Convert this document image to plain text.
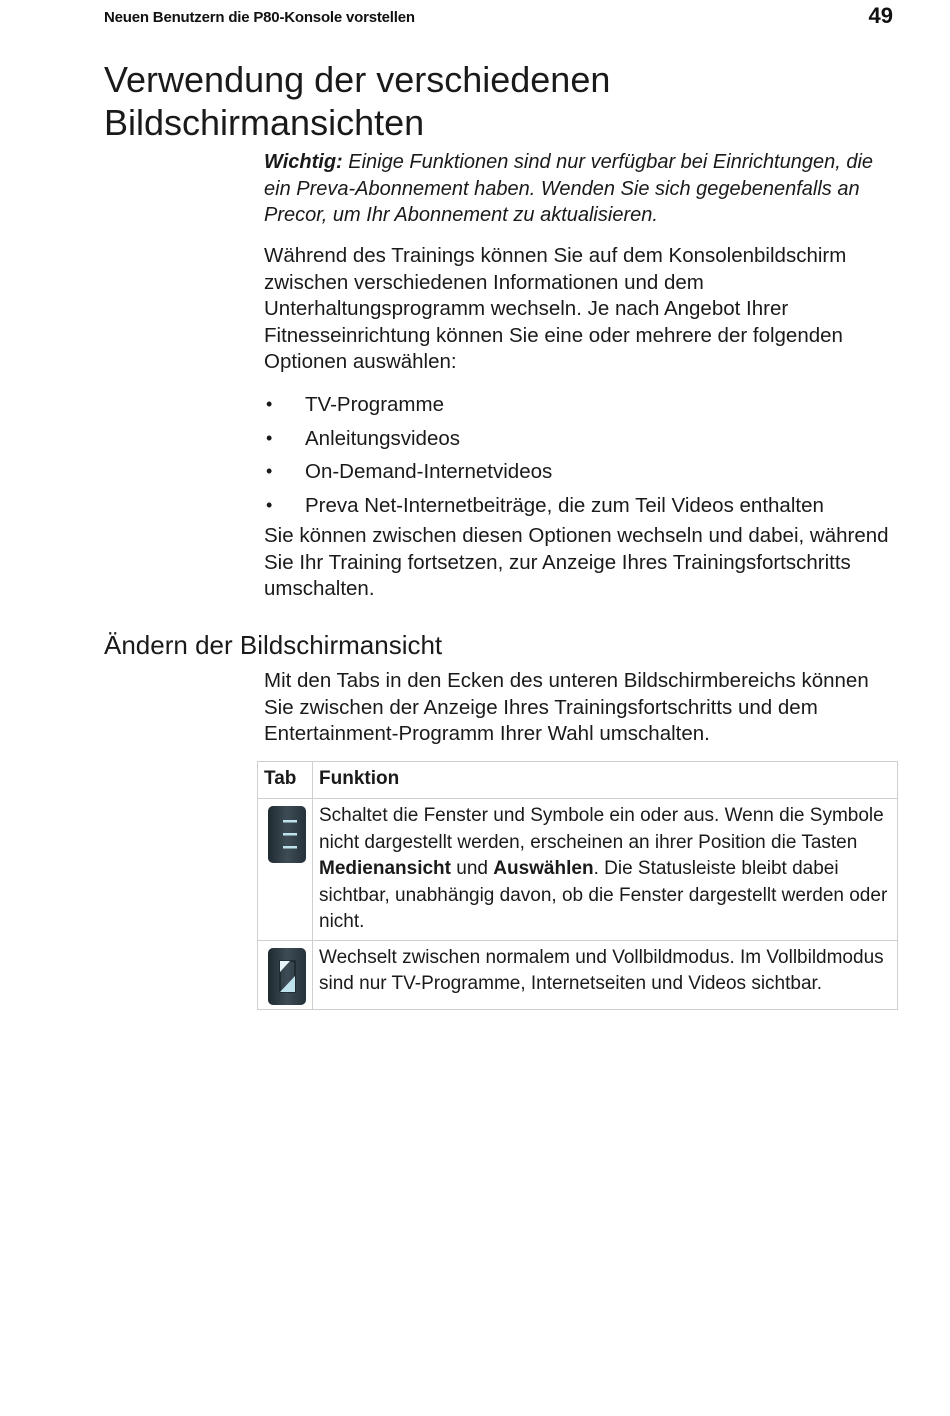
Neuen Benutzern die P80-Konsole vorstellen	49
Verwendung der verschiedenen Bildschirmansichten
Wichtig: Einige Funktionen sind nur verfügbar bei Einrichtungen, die ein Preva-Abonnement haben. Wenden Sie sich gegebenenfalls an Precor, um Ihr Abonnement zu aktualisieren.

Während des Trainings können Sie auf dem Konsolenbildschirm zwischen verschiedenen Informationen und dem Unterhaltungsprogramm wechseln. Je nach Angebot Ihrer Fitnesseinrichtung können Sie eine oder mehrere der folgenden Optionen auswählen:

• TV-Programme
• Anleitungsvideos
• On-Demand-Internetvideos
• Preva Net-Internetbeiträge, die zum Teil Videos enthalten

Sie können zwischen diesen Optionen wechseln und dabei, während Sie Ihr Training fortsetzen, zur Anzeige Ihres Trainingsfortschritts umschalten.

Ändern der Bildschirmansicht

Mit den Tabs in den Ecken des unteren Bildschirmbereichs können Sie zwischen der Anzeige Ihres Trainingsfortschritts und dem Entertainment-Programm Ihrer Wahl umschalten.

Tab	Funktion

	Schaltet die Fenster und Symbole ein oder aus. Wenn die Symbole nicht dargestellt werden, erscheinen an ihrer Position die Tasten Medienansicht und Auswählen. Die Statusleiste bleibt dabei sichtbar, unabhängig davon, ob die Fenster dargestellt werden oder nicht.

	Wechselt zwischen normalem und Vollbildmodus. Im Vollbildmodus sind nur TV-Programme, Internetseiten und Videos sichtbar.
